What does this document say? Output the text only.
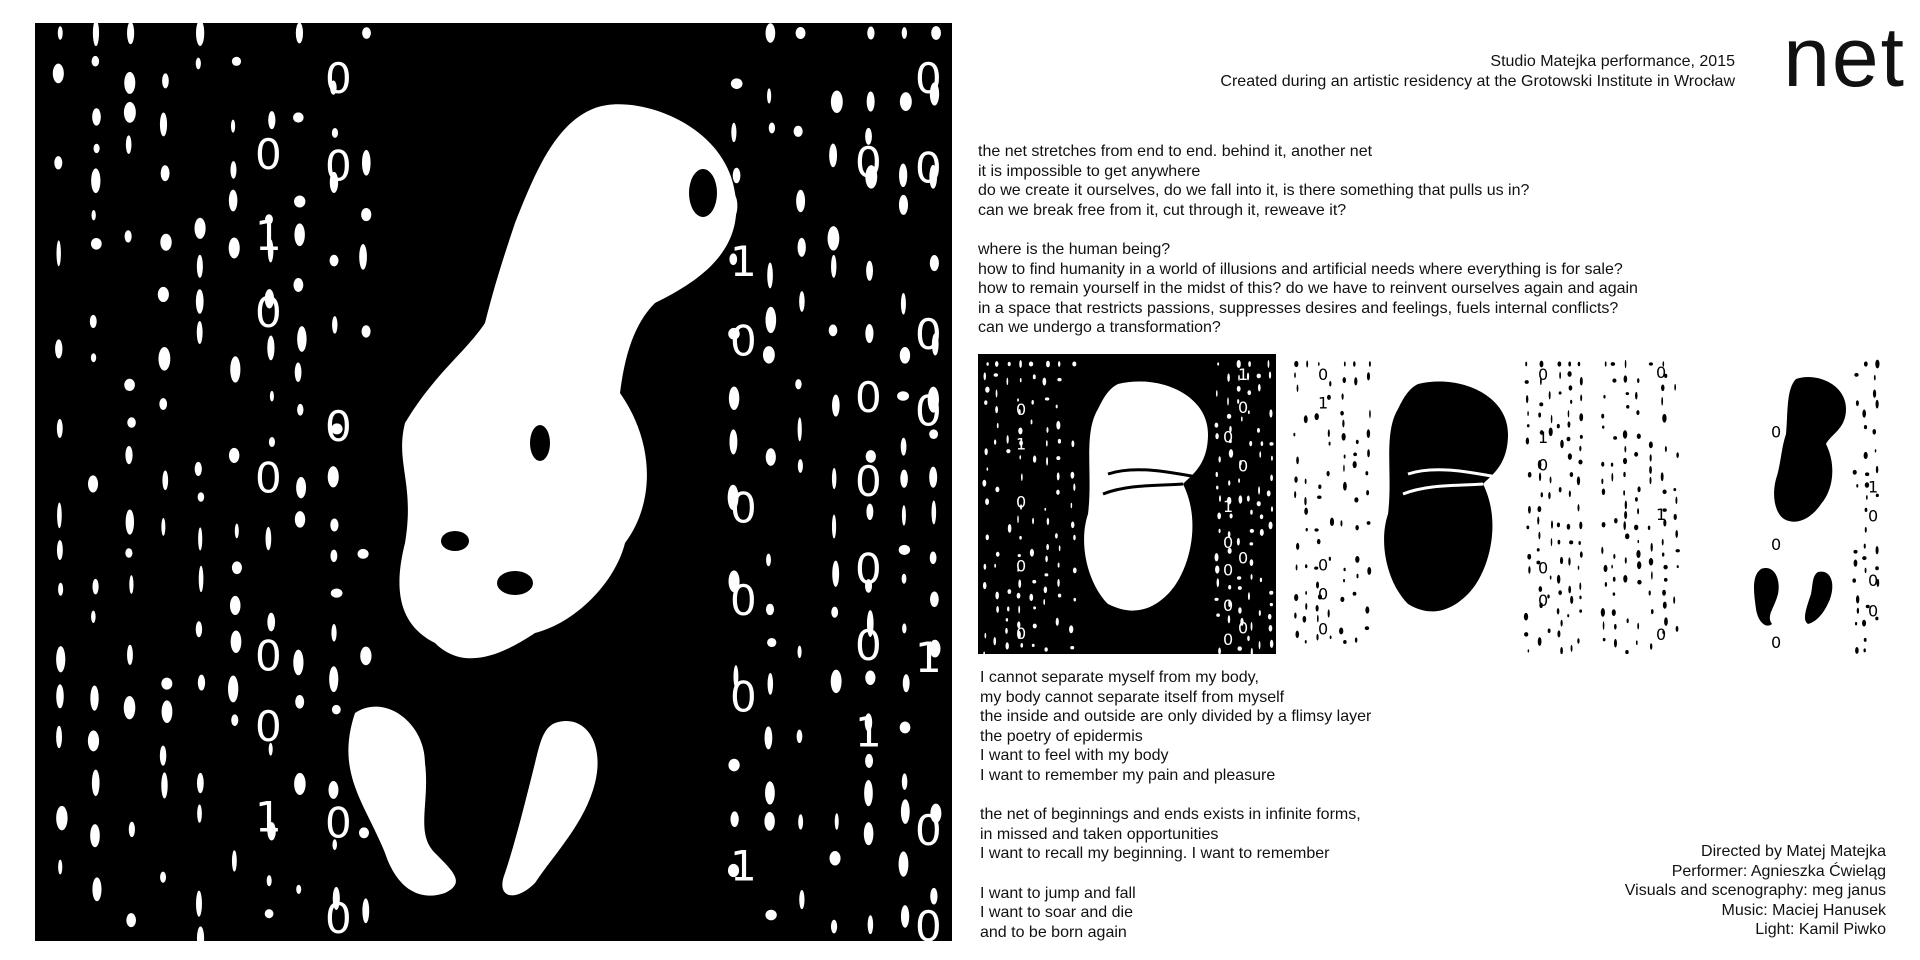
0
1
0
0
0
0
1
0
0
0
0
0
1
0
0
0
0
1
0
0
0
0
0
1
0
0
0
0
1
0
0
net
Studio Matejka performance, 2015
Created during an artistic residency at the Grotowski Institute in Wrocław
the net stretches from end to end. behind it, another net
it is impossible to get anywhere
do we create it ourselves, do we fall into it, is there something that pulls us in?
can we break free from it, cut through it, reweave it?
where is the human being?
how to find humanity in a world of illusions and artificial needs where everything is for sale?
how to remain yourself in the midst of this? do we have to reinvent ourselves again and again
in a space that restricts passions, suppresses desires and feelings, fuels internal conflicts?
can we undergo a transformation?
0
1
0
0
0
0
1
0
0
0
0
1
0
0
0
0
0
1
0
0
0
0
1
0
0
0
0
1
0
0
0
0
1
0
0
0
I cannot separate myself from my body,
my body cannot separate itself from myself
the inside and outside are only divided by a flimsy layer
the poetry of epidermis
I want to feel with my body
I want to remember my pain and pleasure
the net of beginnings and ends exists in infinite forms,
in missed and taken opportunities
I want to recall my beginning. I want to remember
I want to jump and fall
I want to soar and die
and to be born again
Directed by Matej Matejka
Performer: Agnieszka Ćwieląg
Visuals and scenography: meg janus
Music: Maciej Hanusek
Light: Kamil Piwko
